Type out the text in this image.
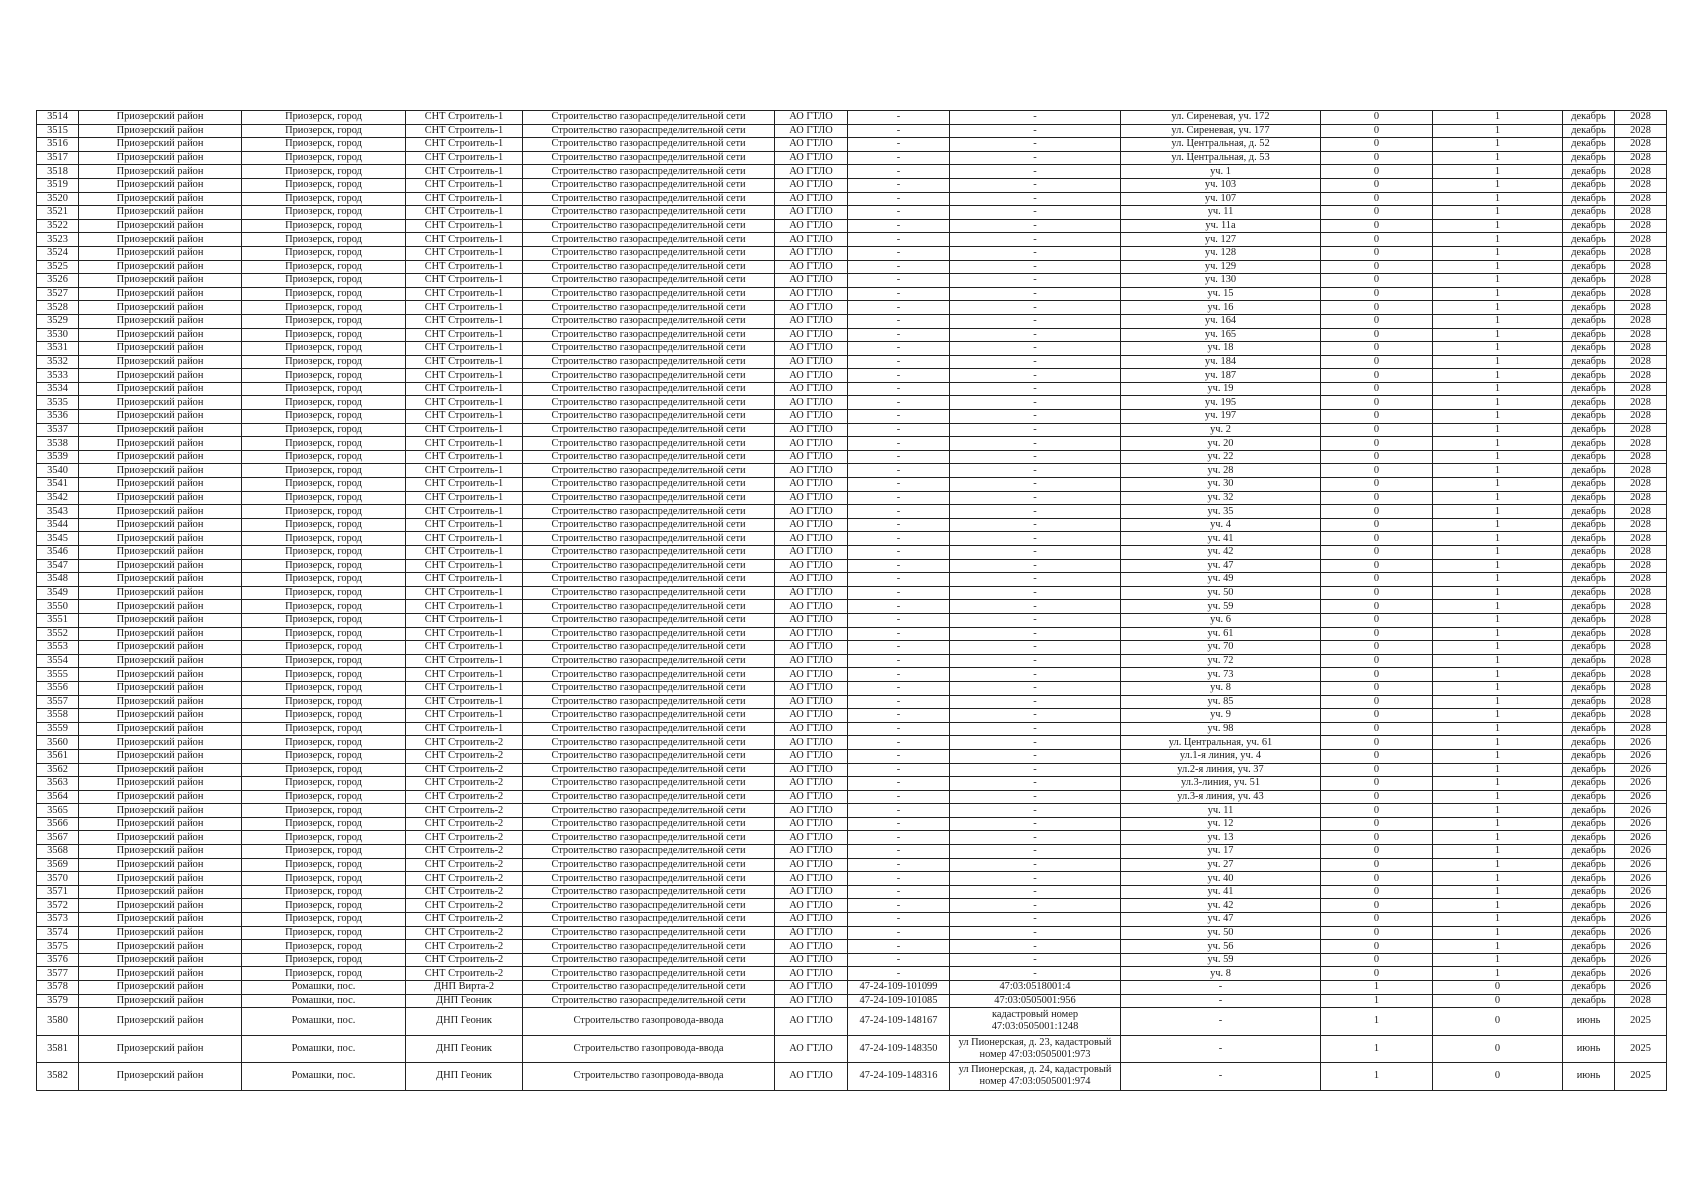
3514	Приозерский район	Приозерск, город	СНТ Строитель-1	Строительство газораспределительной сети	АО ГТЛО	-	-	ул. Сиреневая, уч. 172	0	1	декабрь	2028
3515	Приозерский район	Приозерск, город	СНТ Строитель-1	Строительство газораспределительной сети	АО ГТЛО	-	-	ул. Сиреневая, уч. 177	0	1	декабрь	2028
3516	Приозерский район	Приозерск, город	СНТ Строитель-1	Строительство газораспределительной сети	АО ГТЛО	-	-	ул. Центральная, д. 52	0	1	декабрь	2028
3517	Приозерский район	Приозерск, город	СНТ Строитель-1	Строительство газораспределительной сети	АО ГТЛО	-	-	ул. Центральная, д. 53	0	1	декабрь	2028
3518	Приозерский район	Приозерск, город	СНТ Строитель-1	Строительство газораспределительной сети	АО ГТЛО	-	-	уч. 1	0	1	декабрь	2028
3519	Приозерский район	Приозерск, город	СНТ Строитель-1	Строительство газораспределительной сети	АО ГТЛО	-	-	уч. 103	0	1	декабрь	2028
3520	Приозерский район	Приозерск, город	СНТ Строитель-1	Строительство газораспределительной сети	АО ГТЛО	-	-	уч. 107	0	1	декабрь	2028
3521	Приозерский район	Приозерск, город	СНТ Строитель-1	Строительство газораспределительной сети	АО ГТЛО	-	-	уч. 11	0	1	декабрь	2028
3522	Приозерский район	Приозерск, город	СНТ Строитель-1	Строительство газораспределительной сети	АО ГТЛО	-	-	уч. 11а	0	1	декабрь	2028
3523	Приозерский район	Приозерск, город	СНТ Строитель-1	Строительство газораспределительной сети	АО ГТЛО	-	-	уч. 127	0	1	декабрь	2028
3524	Приозерский район	Приозерск, город	СНТ Строитель-1	Строительство газораспределительной сети	АО ГТЛО	-	-	уч. 128	0	1	декабрь	2028
3525	Приозерский район	Приозерск, город	СНТ Строитель-1	Строительство газораспределительной сети	АО ГТЛО	-	-	уч. 129	0	1	декабрь	2028
3526	Приозерский район	Приозерск, город	СНТ Строитель-1	Строительство газораспределительной сети	АО ГТЛО	-	-	уч. 130	0	1	декабрь	2028
3527	Приозерский район	Приозерск, город	СНТ Строитель-1	Строительство газораспределительной сети	АО ГТЛО	-	-	уч. 15	0	1	декабрь	2028
3528	Приозерский район	Приозерск, город	СНТ Строитель-1	Строительство газораспределительной сети	АО ГТЛО	-	-	уч. 16	0	1	декабрь	2028
3529	Приозерский район	Приозерск, город	СНТ Строитель-1	Строительство газораспределительной сети	АО ГТЛО	-	-	уч. 164	0	1	декабрь	2028
3530	Приозерский район	Приозерск, город	СНТ Строитель-1	Строительство газораспределительной сети	АО ГТЛО	-	-	уч. 165	0	1	декабрь	2028
3531	Приозерский район	Приозерск, город	СНТ Строитель-1	Строительство газораспределительной сети	АО ГТЛО	-	-	уч. 18	0	1	декабрь	2028
3532	Приозерский район	Приозерск, город	СНТ Строитель-1	Строительство газораспределительной сети	АО ГТЛО	-	-	уч. 184	0	1	декабрь	2028
3533	Приозерский район	Приозерск, город	СНТ Строитель-1	Строительство газораспределительной сети	АО ГТЛО	-	-	уч. 187	0	1	декабрь	2028
3534	Приозерский район	Приозерск, город	СНТ Строитель-1	Строительство газораспределительной сети	АО ГТЛО	-	-	уч. 19	0	1	декабрь	2028
3535	Приозерский район	Приозерск, город	СНТ Строитель-1	Строительство газораспределительной сети	АО ГТЛО	-	-	уч. 195	0	1	декабрь	2028
3536	Приозерский район	Приозерск, город	СНТ Строитель-1	Строительство газораспределительной сети	АО ГТЛО	-	-	уч. 197	0	1	декабрь	2028
3537	Приозерский район	Приозерск, город	СНТ Строитель-1	Строительство газораспределительной сети	АО ГТЛО	-	-	уч. 2	0	1	декабрь	2028
3538	Приозерский район	Приозерск, город	СНТ Строитель-1	Строительство газораспределительной сети	АО ГТЛО	-	-	уч. 20	0	1	декабрь	2028
3539	Приозерский район	Приозерск, город	СНТ Строитель-1	Строительство газораспределительной сети	АО ГТЛО	-	-	уч. 22	0	1	декабрь	2028
3540	Приозерский район	Приозерск, город	СНТ Строитель-1	Строительство газораспределительной сети	АО ГТЛО	-	-	уч. 28	0	1	декабрь	2028
3541	Приозерский район	Приозерск, город	СНТ Строитель-1	Строительство газораспределительной сети	АО ГТЛО	-	-	уч. 30	0	1	декабрь	2028
3542	Приозерский район	Приозерск, город	СНТ Строитель-1	Строительство газораспределительной сети	АО ГТЛО	-	-	уч. 32	0	1	декабрь	2028
3543	Приозерский район	Приозерск, город	СНТ Строитель-1	Строительство газораспределительной сети	АО ГТЛО	-	-	уч. 35	0	1	декабрь	2028
3544	Приозерский район	Приозерск, город	СНТ Строитель-1	Строительство газораспределительной сети	АО ГТЛО	-	-	уч. 4	0	1	декабрь	2028
3545	Приозерский район	Приозерск, город	СНТ Строитель-1	Строительство газораспределительной сети	АО ГТЛО	-	-	уч. 41	0	1	декабрь	2028
3546	Приозерский район	Приозерск, город	СНТ Строитель-1	Строительство газораспределительной сети	АО ГТЛО	-	-	уч. 42	0	1	декабрь	2028
3547	Приозерский район	Приозерск, город	СНТ Строитель-1	Строительство газораспределительной сети	АО ГТЛО	-	-	уч. 47	0	1	декабрь	2028
3548	Приозерский район	Приозерск, город	СНТ Строитель-1	Строительство газораспределительной сети	АО ГТЛО	-	-	уч. 49	0	1	декабрь	2028
3549	Приозерский район	Приозерск, город	СНТ Строитель-1	Строительство газораспределительной сети	АО ГТЛО	-	-	уч. 50	0	1	декабрь	2028
3550	Приозерский район	Приозерск, город	СНТ Строитель-1	Строительство газораспределительной сети	АО ГТЛО	-	-	уч. 59	0	1	декабрь	2028
3551	Приозерский район	Приозерск, город	СНТ Строитель-1	Строительство газораспределительной сети	АО ГТЛО	-	-	уч. 6	0	1	декабрь	2028
3552	Приозерский район	Приозерск, город	СНТ Строитель-1	Строительство газораспределительной сети	АО ГТЛО	-	-	уч. 61	0	1	декабрь	2028
3553	Приозерский район	Приозерск, город	СНТ Строитель-1	Строительство газораспределительной сети	АО ГТЛО	-	-	уч. 70	0	1	декабрь	2028
3554	Приозерский район	Приозерск, город	СНТ Строитель-1	Строительство газораспределительной сети	АО ГТЛО	-	-	уч. 72	0	1	декабрь	2028
3555	Приозерский район	Приозерск, город	СНТ Строитель-1	Строительство газораспределительной сети	АО ГТЛО	-	-	уч. 73	0	1	декабрь	2028
3556	Приозерский район	Приозерск, город	СНТ Строитель-1	Строительство газораспределительной сети	АО ГТЛО	-	-	уч. 8	0	1	декабрь	2028
3557	Приозерский район	Приозерск, город	СНТ Строитель-1	Строительство газораспределительной сети	АО ГТЛО	-	-	уч. 85	0	1	декабрь	2028
3558	Приозерский район	Приозерск, город	СНТ Строитель-1	Строительство газораспределительной сети	АО ГТЛО	-	-	уч. 9	0	1	декабрь	2028
3559	Приозерский район	Приозерск, город	СНТ Строитель-1	Строительство газораспределительной сети	АО ГТЛО	-	-	уч. 98	0	1	декабрь	2028
3560	Приозерский район	Приозерск, город	СНТ Строитель-2	Строительство газораспределительной сети	АО ГТЛО	-	-	ул. Центральная, уч. 61	0	1	декабрь	2026
3561	Приозерский район	Приозерск, город	СНТ Строитель-2	Строительство газораспределительной сети	АО ГТЛО	-	-	ул.1-я линия, уч. 4	0	1	декабрь	2026
3562	Приозерский район	Приозерск, город	СНТ Строитель-2	Строительство газораспределительной сети	АО ГТЛО	-	-	ул.2-я линия, уч. 37	0	1	декабрь	2026
3563	Приозерский район	Приозерск, город	СНТ Строитель-2	Строительство газораспределительной сети	АО ГТЛО	-	-	ул.3-линия, уч. 51	0	1	декабрь	2026
3564	Приозерский район	Приозерск, город	СНТ Строитель-2	Строительство газораспределительной сети	АО ГТЛО	-	-	ул.3-я линия, уч. 43	0	1	декабрь	2026
3565	Приозерский район	Приозерск, город	СНТ Строитель-2	Строительство газораспределительной сети	АО ГТЛО	-	-	уч. 11	0	1	декабрь	2026
3566	Приозерский район	Приозерск, город	СНТ Строитель-2	Строительство газораспределительной сети	АО ГТЛО	-	-	уч. 12	0	1	декабрь	2026
3567	Приозерский район	Приозерск, город	СНТ Строитель-2	Строительство газораспределительной сети	АО ГТЛО	-	-	уч. 13	0	1	декабрь	2026
3568	Приозерский район	Приозерск, город	СНТ Строитель-2	Строительство газораспределительной сети	АО ГТЛО	-	-	уч. 17	0	1	декабрь	2026
3569	Приозерский район	Приозерск, город	СНТ Строитель-2	Строительство газораспределительной сети	АО ГТЛО	-	-	уч. 27	0	1	декабрь	2026
3570	Приозерский район	Приозерск, город	СНТ Строитель-2	Строительство газораспределительной сети	АО ГТЛО	-	-	уч. 40	0	1	декабрь	2026
3571	Приозерский район	Приозерск, город	СНТ Строитель-2	Строительство газораспределительной сети	АО ГТЛО	-	-	уч. 41	0	1	декабрь	2026
3572	Приозерский район	Приозерск, город	СНТ Строитель-2	Строительство газораспределительной сети	АО ГТЛО	-	-	уч. 42	0	1	декабрь	2026
3573	Приозерский район	Приозерск, город	СНТ Строитель-2	Строительство газораспределительной сети	АО ГТЛО	-	-	уч. 47	0	1	декабрь	2026
3574	Приозерский район	Приозерск, город	СНТ Строитель-2	Строительство газораспределительной сети	АО ГТЛО	-	-	уч. 50	0	1	декабрь	2026
3575	Приозерский район	Приозерск, город	СНТ Строитель-2	Строительство газораспределительной сети	АО ГТЛО	-	-	уч. 56	0	1	декабрь	2026
3576	Приозерский район	Приозерск, город	СНТ Строитель-2	Строительство газораспределительной сети	АО ГТЛО	-	-	уч. 59	0	1	декабрь	2026
3577	Приозерский район	Приозерск, город	СНТ Строитель-2	Строительство газораспределительной сети	АО ГТЛО	-	-	уч. 8	0	1	декабрь	2026
3578	Приозерский район	Ромашки, пос.	ДНП Вирта-2	Строительство газораспределительной сети	АО ГТЛО	47-24-109-101099	47:03:0518001:4	-	1	0	декабрь	2026
3579	Приозерский район	Ромашки, пос.	ДНП Геоник	Строительство газораспределительной сети	АО ГТЛО	47-24-109-101085	47:03:0505001:956	-	1	0	декабрь	2028
3580	Приозерский район	Ромашки, пос.	ДНП Геоник	Строительство газопровода-ввода	АО ГТЛО	47-24-109-148167	кадастровый номер 47:03:0505001:1248	-	1	0	июнь	2025
3581	Приозерский район	Ромашки, пос.	ДНП Геоник	Строительство газопровода-ввода	АО ГТЛО	47-24-109-148350	ул Пионерская, д. 23, кадастровый номер 47:03:0505001:973	-	1	0	июнь	2025
3582	Приозерский район	Ромашки, пос.	ДНП Геоник	Строительство газопровода-ввода	АО ГТЛО	47-24-109-148316	ул Пионерская, д. 24, кадастровый номер 47:03:0505001:974	-	1	0	июнь	2025
